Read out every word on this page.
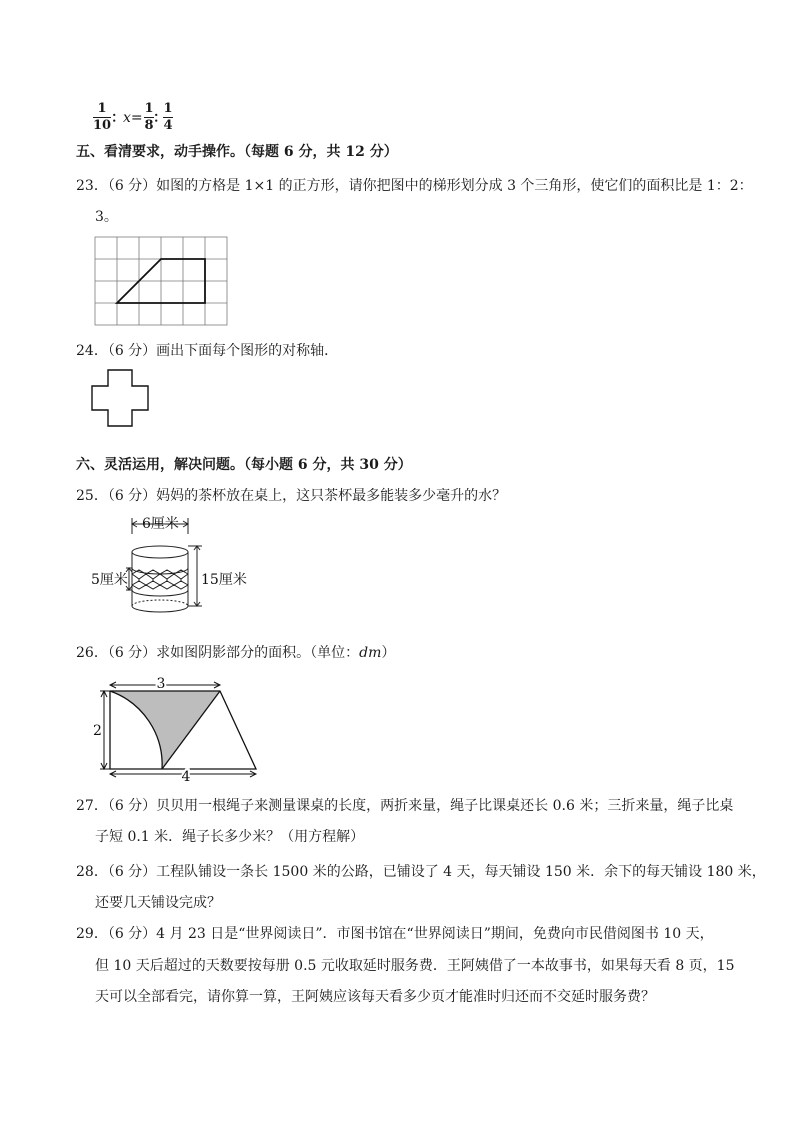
1
10 ：
x=
1
8 ：
1
4
五、看清要求，动手操作。（每题 6 分，共 12 分）
23．（6 分）如图的方格是 1×1 的正方形，请你把图中的梯形划分成 3 个三角形，使它们的面积比是 1：2：
3。
24．（6 分）画出下面每个图形的对称轴．
六、灵活运用，解决问题。（每小题 6 分，共 30 分）
25．（6 分）妈妈的茶杯放在桌上，这只茶杯最多能装多少毫升的水？
6厘米
5厘米	15厘米
26．（6 分）求如图阴影部分的面积。（单位：dm）
3
2
4
27．（6 分）贝贝用一根绳子来测量课桌的长度，两折来量，绳子比课桌还长 0.6 米；三折来量，绳子比桌
子短 0.1 米．绳子长多少米？（用方程解）
28．（6 分）工程队铺设一条长 1500 米的公路，已铺设了 4 天，每天铺设 150 米．余下的每天铺设 180 米，
还要几天铺设完成？
29．（6 分）4 月 23 日是“世界阅读日”．市图书馆在“世界阅读日”期间，免费向市民借阅图书 10 天，
但 10 天后超过的天数要按每册 0.5 元收取延时服务费．王阿姨借了一本故事书，如果每天看 8 页，15
天可以全部看完，请你算一算，王阿姨应该每天看多少页才能准时归还而不交延时服务费？
